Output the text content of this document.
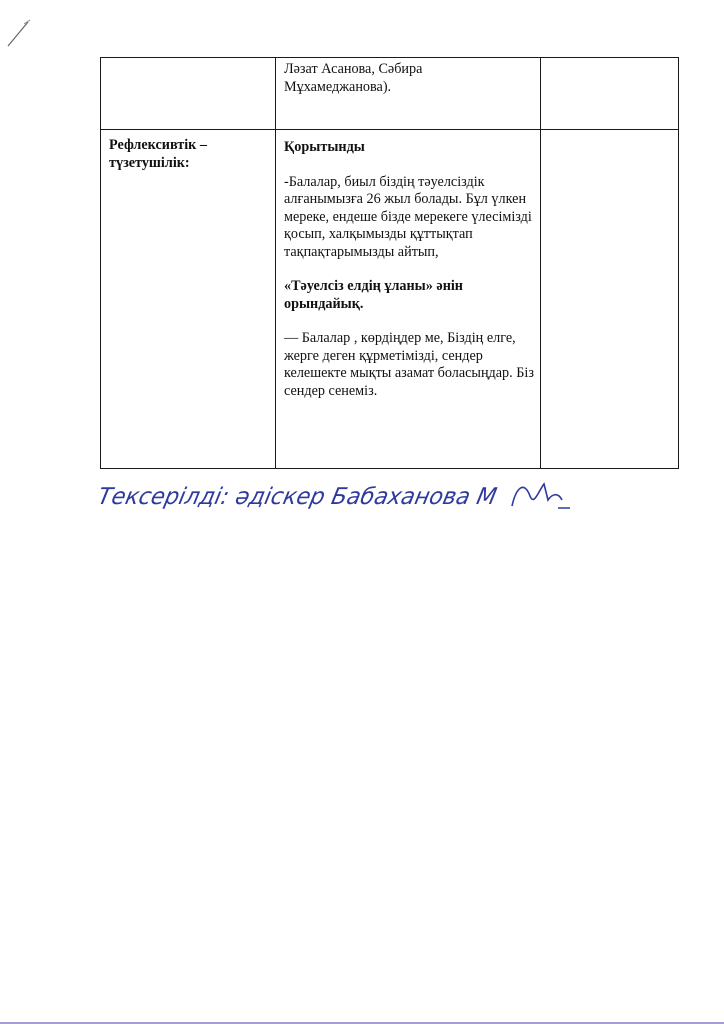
	Ләзат Асанова, Сәбира
Мұхамеджанова).	

Рефлексивтік – түзетушілік:	Қорытынды
-Балалар, биыл біздің тәуелсіздік алғанымызға 26 жыл болады. Бұл үлкен мереке, ендеше бізде мерекеге үлесімізді қосып, халқымызды құттықтап тақпақтарымызды айтып,
«Тәуелсіз елдің ұланы» әнін орындайық.
— Балалар , көрдіңдер ме, Біздің елге, жерге деген құрметімізді, сендер келешекте мықты азамат боласыңдар. Біз сендер сенеміз.	

Тексерілді: әдіскер Бабаханова М
